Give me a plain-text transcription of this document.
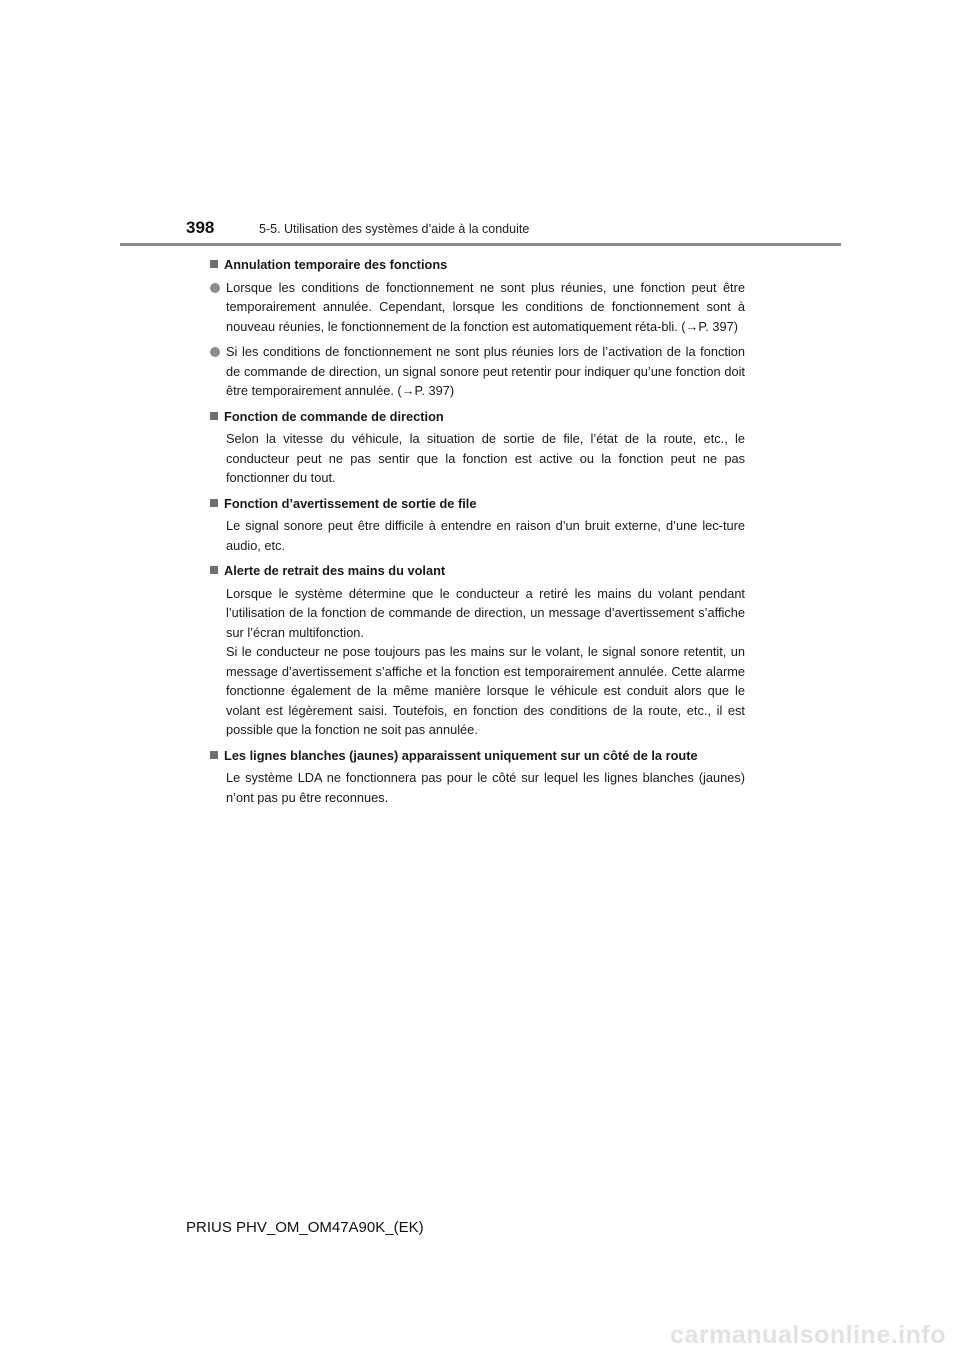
398	5-5. Utilisation des systèmes d’aide à la conduite
Annulation temporaire des fonctions
Lorsque les conditions de fonctionnement ne sont plus réunies, une fonction peut être temporairement annulée. Cependant, lorsque les conditions de fonctionnement sont à nouveau réunies, le fonctionnement de la fonction est automatiquement réta-bli. (→P. 397)
Si les conditions de fonctionnement ne sont plus réunies lors de l’activation de la fonction de commande de direction, un signal sonore peut retentir pour indiquer qu’une fonction doit être temporairement annulée. (→P. 397)
Fonction de commande de direction
Selon la vitesse du véhicule, la situation de sortie de file, l’état de la route, etc., le conducteur peut ne pas sentir que la fonction est active ou la fonction peut ne pas fonctionner du tout.
Fonction d’avertissement de sortie de file
Le signal sonore peut être difficile à entendre en raison d’un bruit externe, d’une lec-ture audio, etc.
Alerte de retrait des mains du volant
Lorsque le système détermine que le conducteur a retiré les mains du volant pendant l’utilisation de la fonction de commande de direction, un message d’avertissement s’affiche sur l’écran multifonction.
Si le conducteur ne pose toujours pas les mains sur le volant, le signal sonore retentit, un message d’avertissement s’affiche et la fonction est temporairement annulée. Cette alarme fonctionne également de la même manière lorsque le véhicule est conduit alors que le volant est légèrement saisi. Toutefois, en fonction des conditions de la route, etc., il est possible que la fonction ne soit pas annulée.
Les lignes blanches (jaunes) apparaissent uniquement sur un côté de la route
Le système LDA ne fonctionnera pas pour le côté sur lequel les lignes blanches (jaunes) n’ont pas pu être reconnues.
PRIUS PHV_OM_OM47A90K_(EK)
carmanualsonline.info
